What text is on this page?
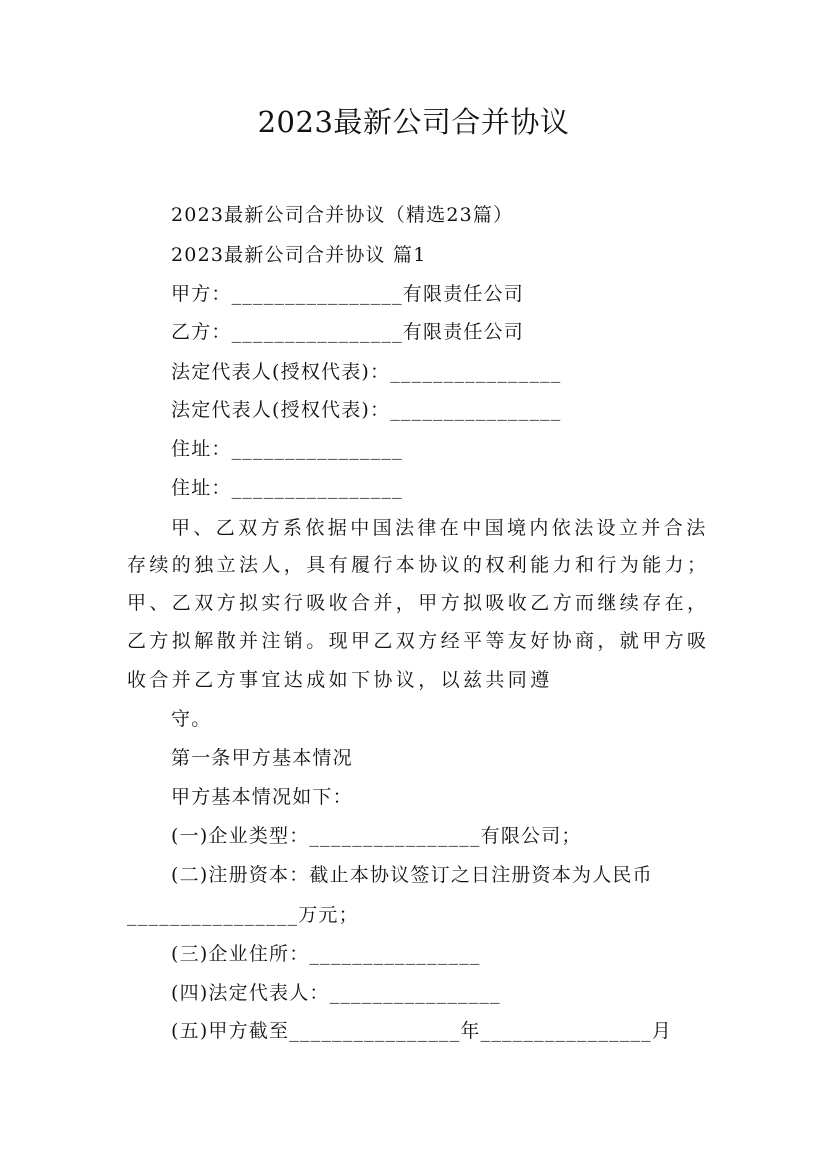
2023最新公司合并协议
2023最新公司合并协议（精选23篇）
2023最新公司合并协议 篇1
甲方：________________有限责任公司
乙方：________________有限责任公司
法定代表人(授权代表)：________________
法定代表人(授权代表)：________________
住址：________________
住址：________________
甲、乙双方系依据中国法律在中国境内依法设立并合法
存续的独立法人，具有履行本协议的权利能力和行为能力；
甲、乙双方拟实行吸收合并，甲方拟吸收乙方而继续存在，
乙方拟解散并注销。现甲乙双方经平等友好协商，就甲方吸
收合并乙方事宜达成如下协议，以兹共同遵
守。
第一条甲方基本情况
甲方基本情况如下：
(一)企业类型：________________有限公司；
(二)注册资本：截止本协议签订之日注册资本为人民币
________________万元；
(三)企业住所：________________
(四)法定代表人：________________
(五)甲方截至________________年________________月
